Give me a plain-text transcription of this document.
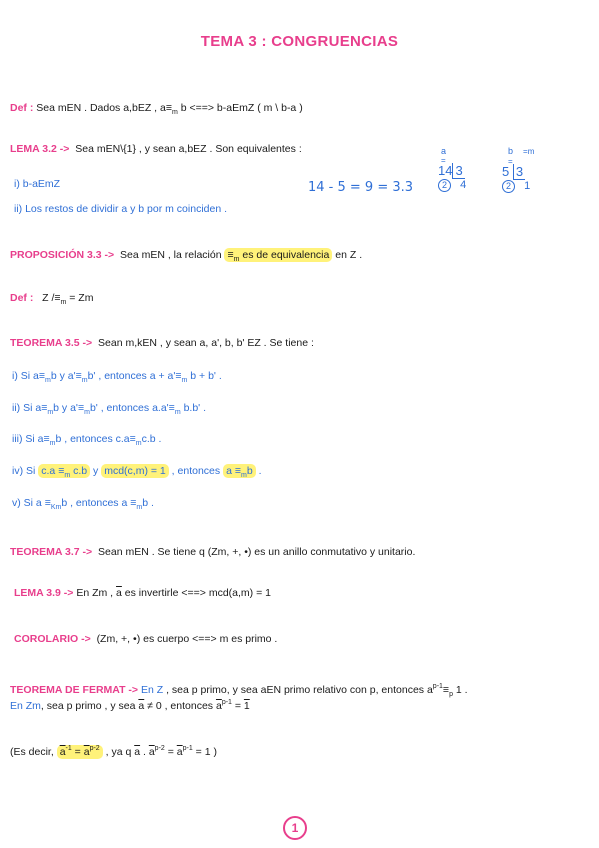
TEMA 3 : CONGRUENCIAS
Def : Sea mEN . Dados a,bEZ , $a\equiv_m$ b <==> b-aEmZ ( m \ b-a )
LEMA 3.2 -> Sea mEN\{1} , y sean a,bEZ . Son equivalentes :
i) b-aEmZ
ii) Los restos de dividir a y b por m coinciden .
14 - 5 = 9 = 3.3
a
=
14 3
2 4
b =m
=
5 3
2 1
PROPOSICIÓN 3.3 -> Sea mEN , la relación $\equiv_m$ es de equivalencia en Z .
Def : Z $/\equiv_m = Zm$
TEOREMA 3.5 -> Sean m,kEN , y sean a, a', b, b' EZ . Se tiene :
i) Si $a\equiv_mb$ y $a'\equiv_mb'$ , entonces $a + a'\equiv_m$ b + b' .
ii) Si $a\equiv_mb$ y $a'\equiv_mb'$ , entonces $a.a'\equiv_m$ b.b' .
iii) Si $a\equiv_mb$ , entonces $c.a\equiv_mc.b$ .
iv) Si $c.a \equiv_m$ c.b y mcd(c,m) = 1 , entonces $a \equiv_mb$ .
v) Si $a \equiv_{Km}b$ , entonces $a \equiv_mb$ .
TEOREMA 3.7 -> Sean mEN . Se tiene q (Zm, +, •) es un anillo conmutativo y unitario.
LEMA 3.9 -> En Zm , $\overline{a}$ es invertirle <==> mcd(a,m) = 1
COROLARIO -> (Zm, +, •) es cuerpo <==> m es primo .
TEOREMA DE FERMAT -> En Z , sea p primo, y sea aEN primo relativo con p, entonces $a^{p-1}\equiv_p$ 1 .
En Zm, sea p primo , y sea $\overline{a} \ne 0$ , entonces $\overline{a}^{p-1} = 1$
(Es decir, $\overline{a}^{-1} = \overline{a}^{p-2}$ , ya q $\overline{a}$ . $\overline{a}^{p-2} = \overline{a}^{p-1} = 1$ )
1
